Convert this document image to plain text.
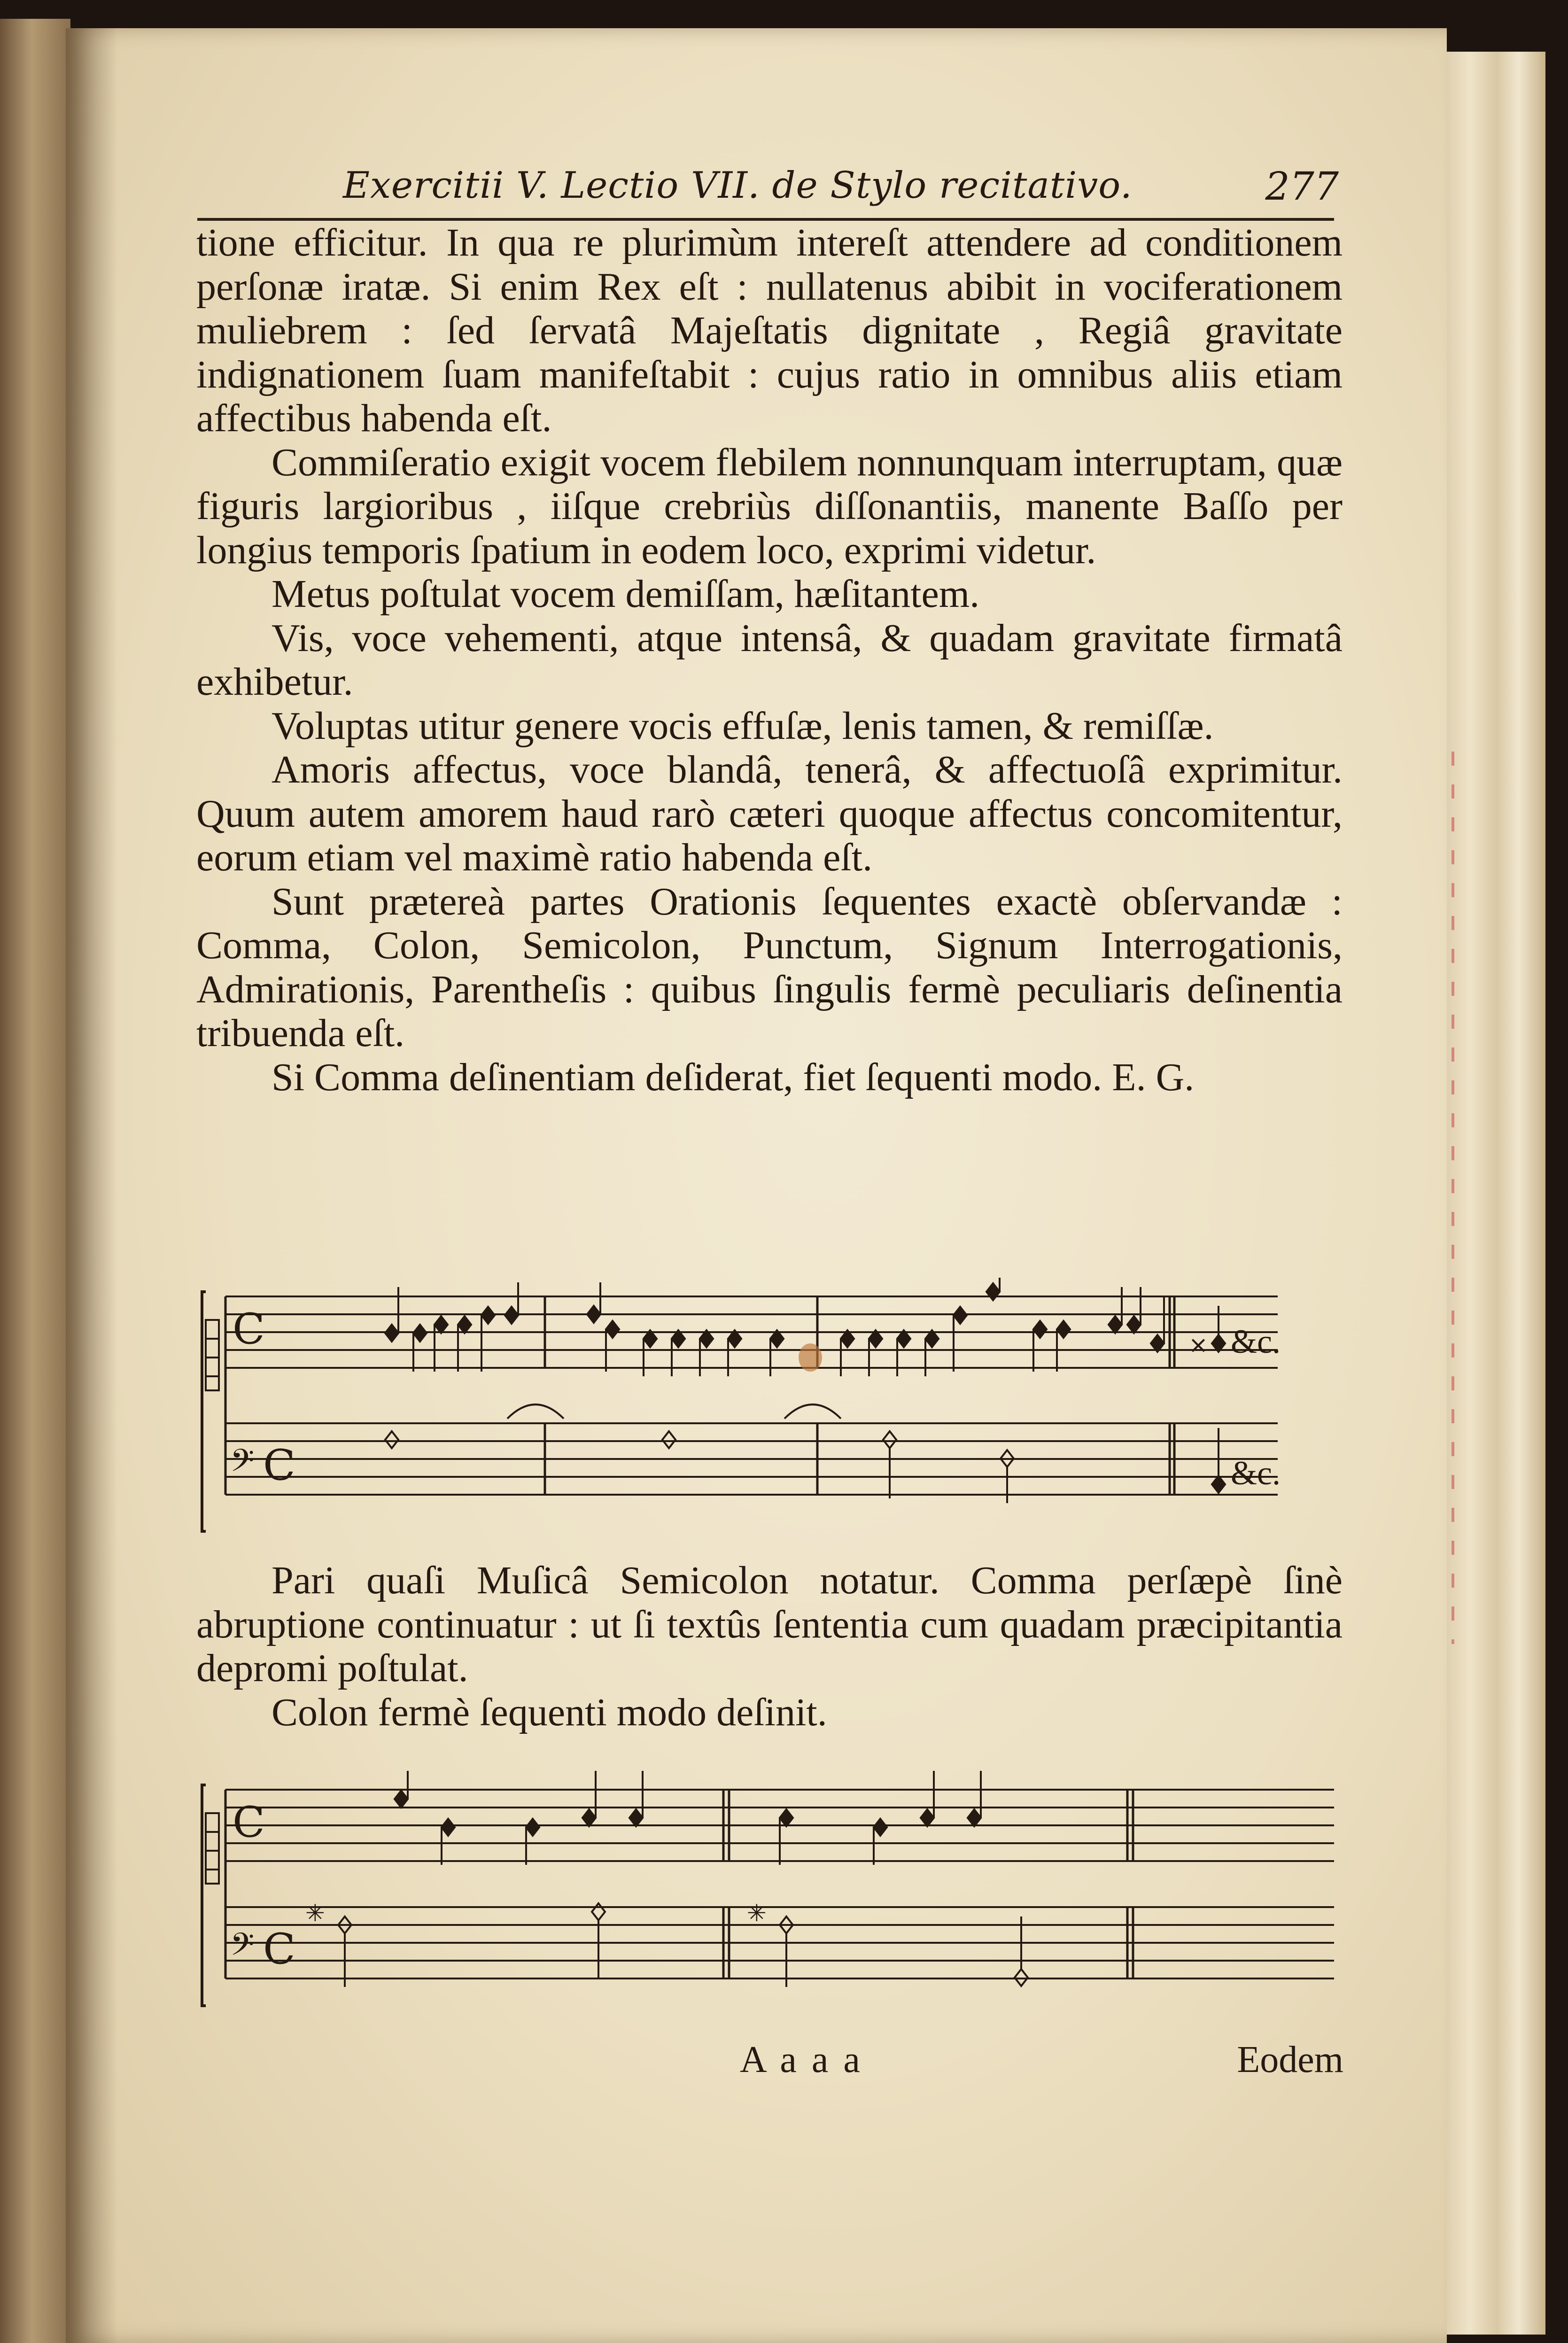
Exercitii V. Lectio VII. de Stylo recitativo.	277

tione efficitur. In qua re plurimùm intereſt attendere ad conditionem perſonæ iratæ. Si enim Rex eſt : nullatenus abibit in vociferationem muliebrem : ſed ſervatâ Majeſtatis dignitate , Regiâ gravitate indignationem ſuam manifeſtabit : cujus ratio in omnibus aliis etiam affectibus habenda eſt.

Commiſeratio exigit vocem flebilem nonnunquam interruptam, quæ figuris largioribus , iiſque crebriùs diſſonantiis, manente Baſſo per longius temporis ſpatium in eodem loco, exprimi videtur.

Metus poſtulat vocem demiſſam, hæſitantem.

Vis, voce vehementi, atque intensâ, & quadam gravitate firmatâ exhibetur.

Voluptas utitur genere vocis effuſæ, lenis tamen, & remiſſæ.

Amoris affectus, voce blandâ, tenerâ, & affectuoſâ exprimitur. Quum autem amorem haud rarò cæteri quoque affectus concomitentur, eorum etiam vel maximè ratio habenda eſt.

Sunt prætereà partes Orationis ſequentes exactè obſervandæ : Comma, Colon, Semicolon, Punctum, Signum Interrogationis, Admirationis, Parentheſis : quibus ſingulis fermè peculiaris deſinentia tribuenda eſt.

Si Comma deſinentiam deſiderat, fiet ſequenti modo. E. G.

C
𝄢 C
× &c.
&c.

Pari quaſi Muſicâ Semicolon notatur. Comma perſæpè ſinè abruptione continuatur : ut ſi textûs ſententia cum quadam præcipitantia depromi poſtulat.

Colon fermè ſequenti modo deſinit.

C
𝄢 C
✳	✳
A a a a	Eodem
